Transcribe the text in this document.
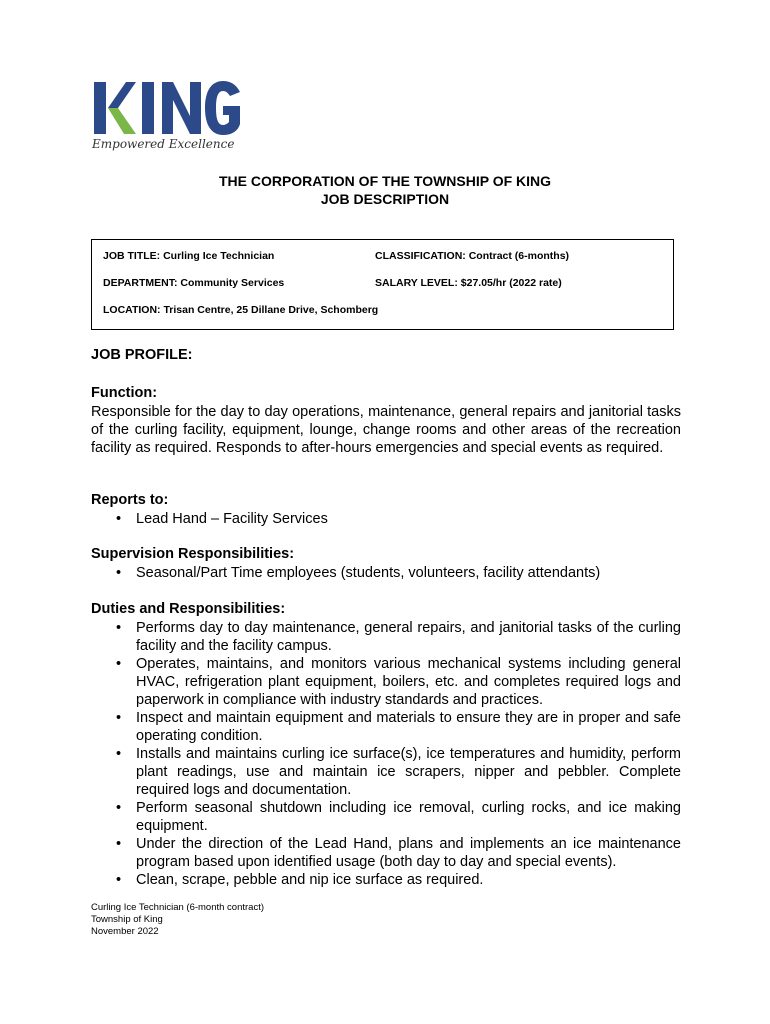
Empowered Excellence
THE CORPORATION OF THE TOWNSHIP OF KING
JOB DESCRIPTION
JOB TITLE: Curling Ice Technician	CLASSIFICATION: Contract (6-months)
DEPARTMENT: Community Services	SALARY LEVEL: $27.05/hr (2022 rate)
LOCATION: Trisan Centre, 25 Dillane Drive, Schomberg
JOB PROFILE:
Function:
Responsible for the day to day operations, maintenance, general repairs and janitorial tasks of the curling facility, equipment, lounge, change rooms and other areas of the recreation facility as required. Responds to after-hours emergencies and special events as required.
Reports to:
• Lead Hand – Facility Services
Supervision Responsibilities:
• Seasonal/Part Time employees (students, volunteers, facility attendants)
Duties and Responsibilities:
• Performs day to day maintenance, general repairs, and janitorial tasks of the curling facility and the facility campus.
• Operates, maintains, and monitors various mechanical systems including general HVAC, refrigeration plant equipment, boilers, etc. and completes required logs and paperwork in compliance with industry standards and practices.
• Inspect and maintain equipment and materials to ensure they are in proper and safe operating condition.
• Installs and maintains curling ice surface(s), ice temperatures and humidity, perform plant readings, use and maintain ice scrapers, nipper and pebbler. Complete required logs and documentation.
• Perform seasonal shutdown including ice removal, curling rocks, and ice making equipment.
• Under the direction of the Lead Hand, plans and implements an ice maintenance program based upon identified usage (both day to day and special events).
• Clean, scrape, pebble and nip ice surface as required.
Curling Ice Technician (6-month contract)
Township of King
November 2022
